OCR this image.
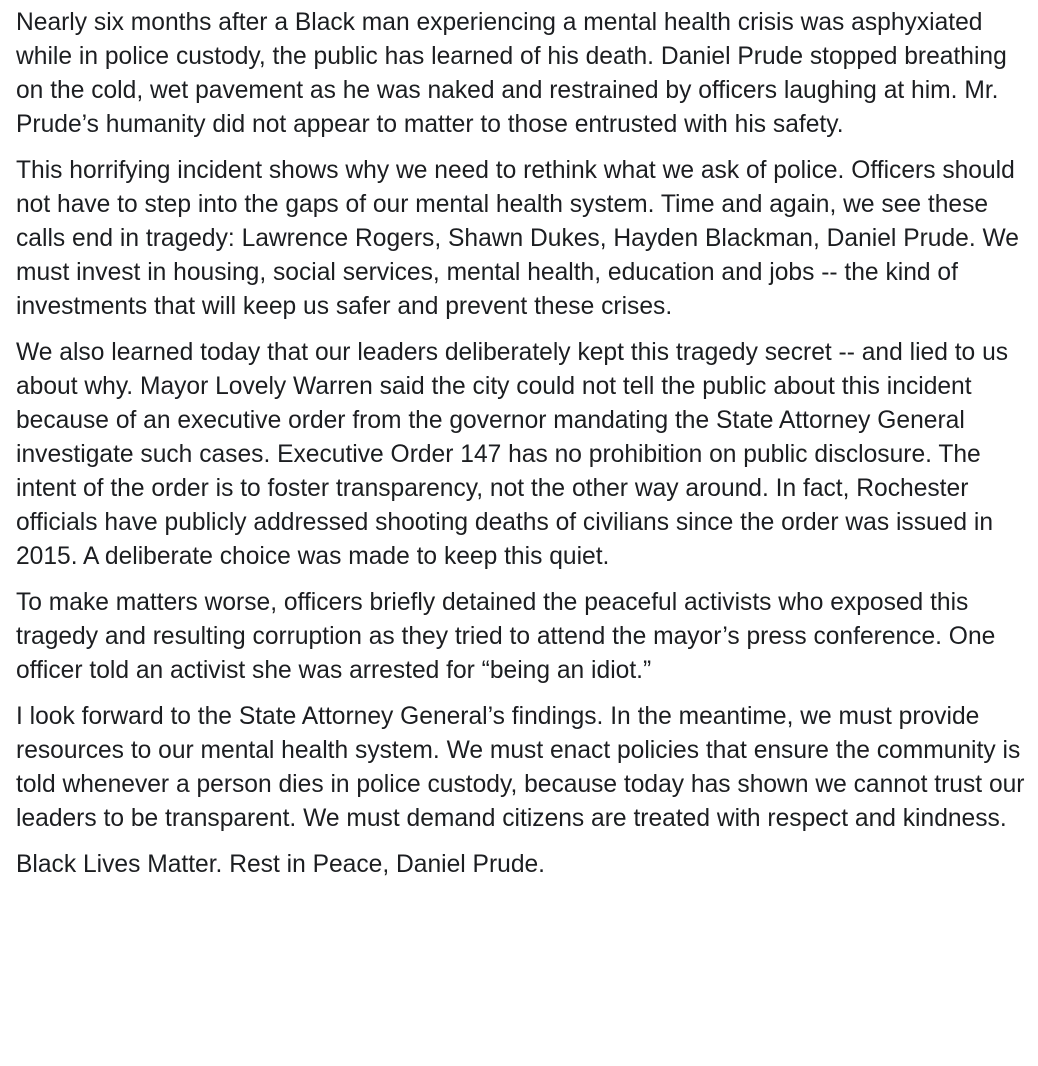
Nearly six months after a Black man experiencing a mental health crisis was asphyxiated while in police custody, the public has learned of his death. Daniel Prude stopped breathing on the cold, wet pavement as he was naked and restrained by officers laughing at him. Mr. Prude’s humanity did not appear to matter to those entrusted with his safety.

This horrifying incident shows why we need to rethink what we ask of police. Officers should not have to step into the gaps of our mental health system. Time and again, we see these calls end in tragedy: Lawrence Rogers, Shawn Dukes, Hayden Blackman, Daniel Prude. We must invest in housing, social services, mental health, education and jobs -- the kind of investments that will keep us safer and prevent these crises.

We also learned today that our leaders deliberately kept this tragedy secret -- and lied to us about why. Mayor Lovely Warren said the city could not tell the public about this incident because of an executive order from the governor mandating the State Attorney General investigate such cases. Executive Order 147 has no prohibition on public disclosure. The intent of the order is to foster transparency, not the other way around. In fact, Rochester officials have publicly addressed shooting deaths of civilians since the order was issued in 2015. A deliberate choice was made to keep this quiet.

To make matters worse, officers briefly detained the peaceful activists who exposed this tragedy and resulting corruption as they tried to attend the mayor’s press conference. One officer told an activist she was arrested for “being an idiot.”

I look forward to the State Attorney General’s findings. In the meantime, we must provide resources to our mental health system. We must enact policies that ensure the community is told whenever a person dies in police custody, because today has shown we cannot trust our leaders to be transparent. We must demand citizens are treated with respect and kindness.

Black Lives Matter. Rest in Peace, Daniel Prude.
